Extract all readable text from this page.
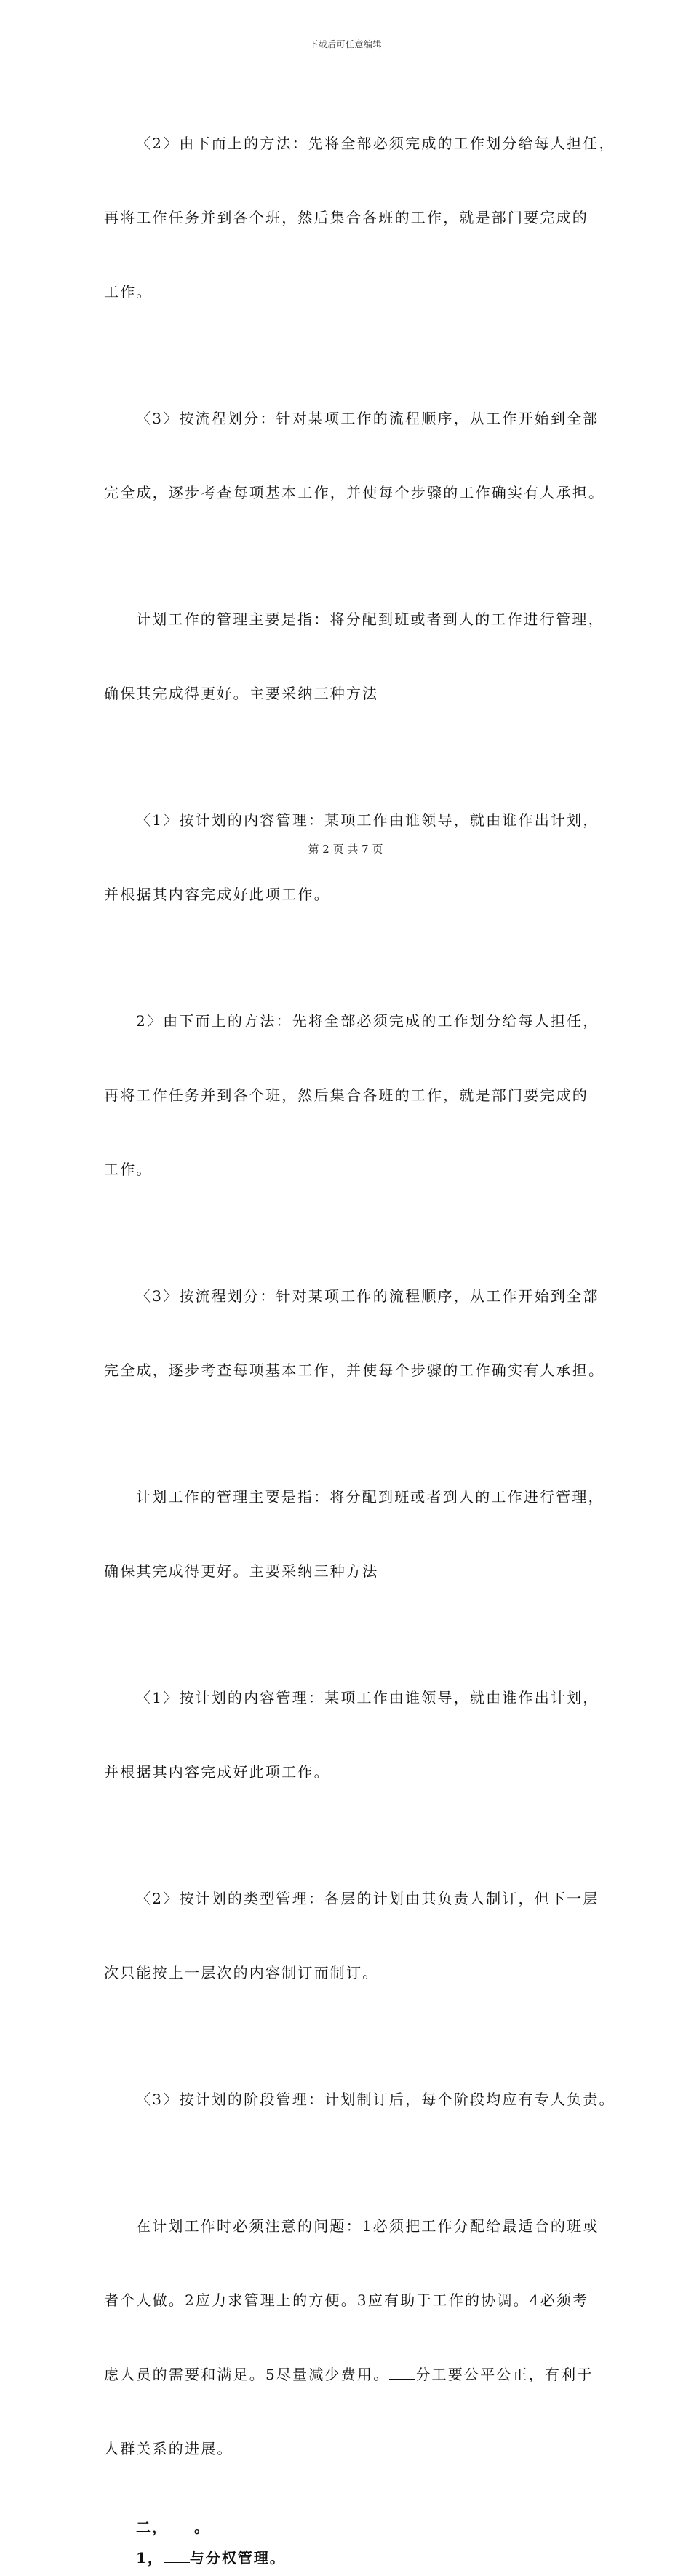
下载后可任意编辑

〈2〉由下而上的方法：先将全部必须完成的工作划分给每人担任，

再将工作任务并到各个班，然后集合各班的工作，就是部门要完成的

工作。

〈3〉按流程划分：针对某项工作的流程顺序，从工作开始到全部

完全成，逐步考查每项基本工作，并使每个步骤的工作确实有人承担。

计划工作的管理主要是指：将分配到班或者到人的工作进行管理，

确保其完成得更好。主要采纳三种方法

〈1〉按计划的内容管理：某项工作由谁领导，就由谁作出计划，

并根据其内容完成好此项工作。

2〉由下而上的方法：先将全部必须完成的工作划分给每人担任，

再将工作任务并到各个班，然后集合各班的工作，就是部门要完成的

工作。

〈3〉按流程划分：针对某项工作的流程顺序，从工作开始到全部

完全成，逐步考查每项基本工作，并使每个步骤的工作确实有人承担。

计划工作的管理主要是指：将分配到班或者到人的工作进行管理，

确保其完成得更好。主要采纳三种方法

〈1〉按计划的内容管理：某项工作由谁领导，就由谁作出计划，

并根据其内容完成好此项工作。

〈2〉按计划的类型管理：各层的计划由其负责人制订，但下一层

次只能按上一层次的内容制订而制订。

〈3〉按计划的阶段管理：计划制订后，每个阶段均应有专人负责。

在计划工作时必须注意的问题：1必须把工作分配给最适合的班或

者个人做。2应力求管理上的方便。3应有助于工作的协调。4必须考

虑人员的需要和满足。5尽量减少费用。 分工要公平公正，有利于

人群关系的进展。

二， 。
1， 与分权管理。
第 2 页 共 7 页
